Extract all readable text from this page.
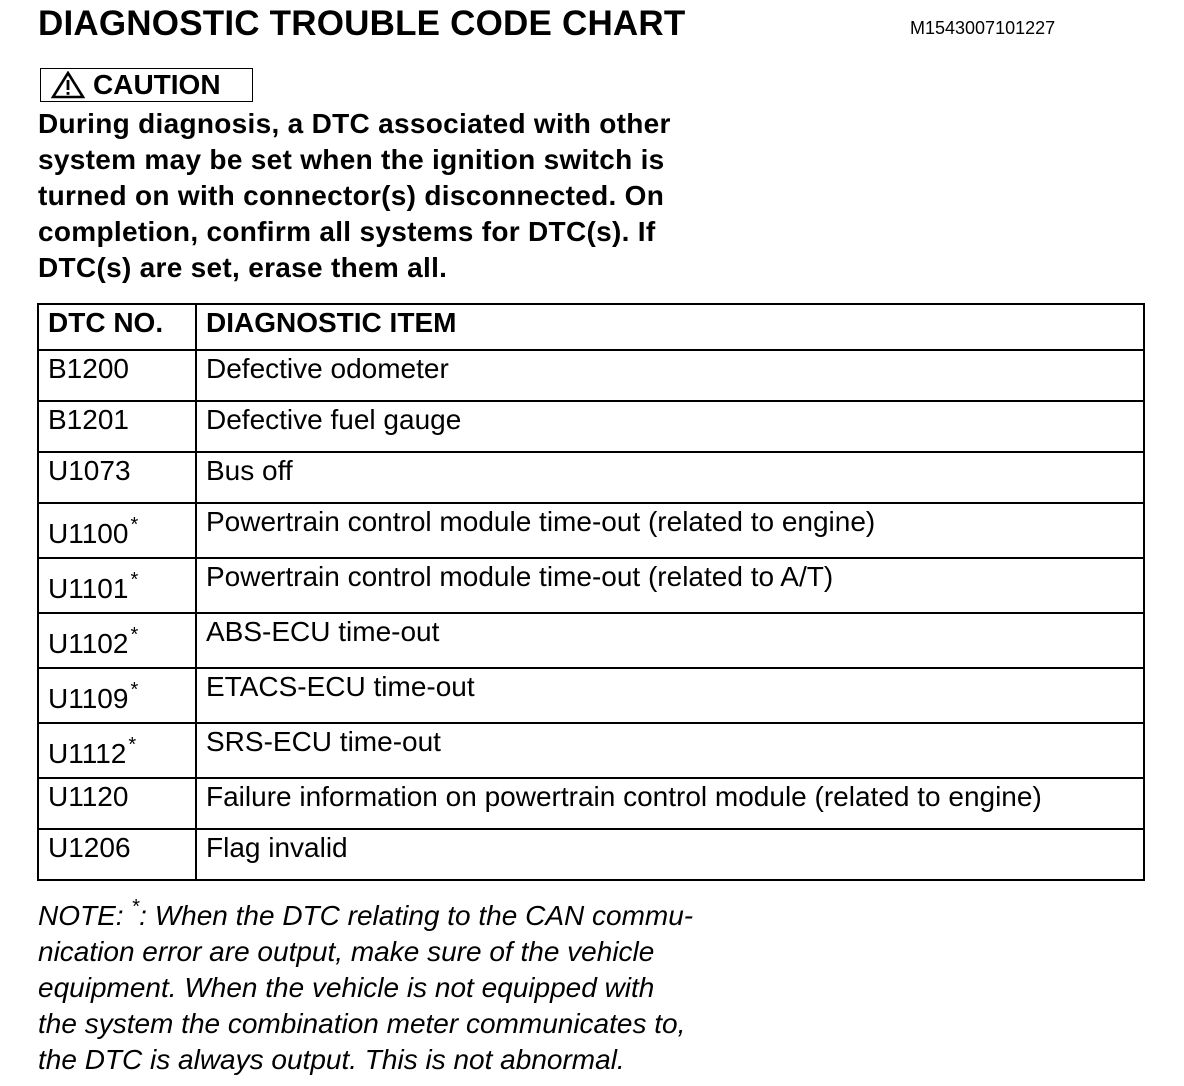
DIAGNOSTIC TROUBLE CODE CHART	M1543007101227
CAUTION
During diagnosis, a DTC associated with other
system may be set when the ignition switch is
turned on with connector(s) disconnected. On
completion, confirm all systems for DTC(s). If
DTC(s) are set, erase them all.
DTC NO.	DIAGNOSTIC ITEM
B1200	Defective odometer
B1201	Defective fuel gauge
U1073	Bus off
U1100 *	Powertrain control module time-out (related to engine)
U1101 *	Powertrain control module time-out (related to A/T)
U1102 *	ABS-ECU time-out
U1109 *	ETACS-ECU time-out
U1112 *	SRS-ECU time-out
U1120	Failure information on powertrain control module (related to engine)
U1206	Flag invalid
NOTE: *: When the DTC relating to the CAN commu-
nication error are output, make sure of the vehicle
equipment. When the vehicle is not equipped with
the system the combination meter communicates to,
the DTC is always output. This is not abnormal.
